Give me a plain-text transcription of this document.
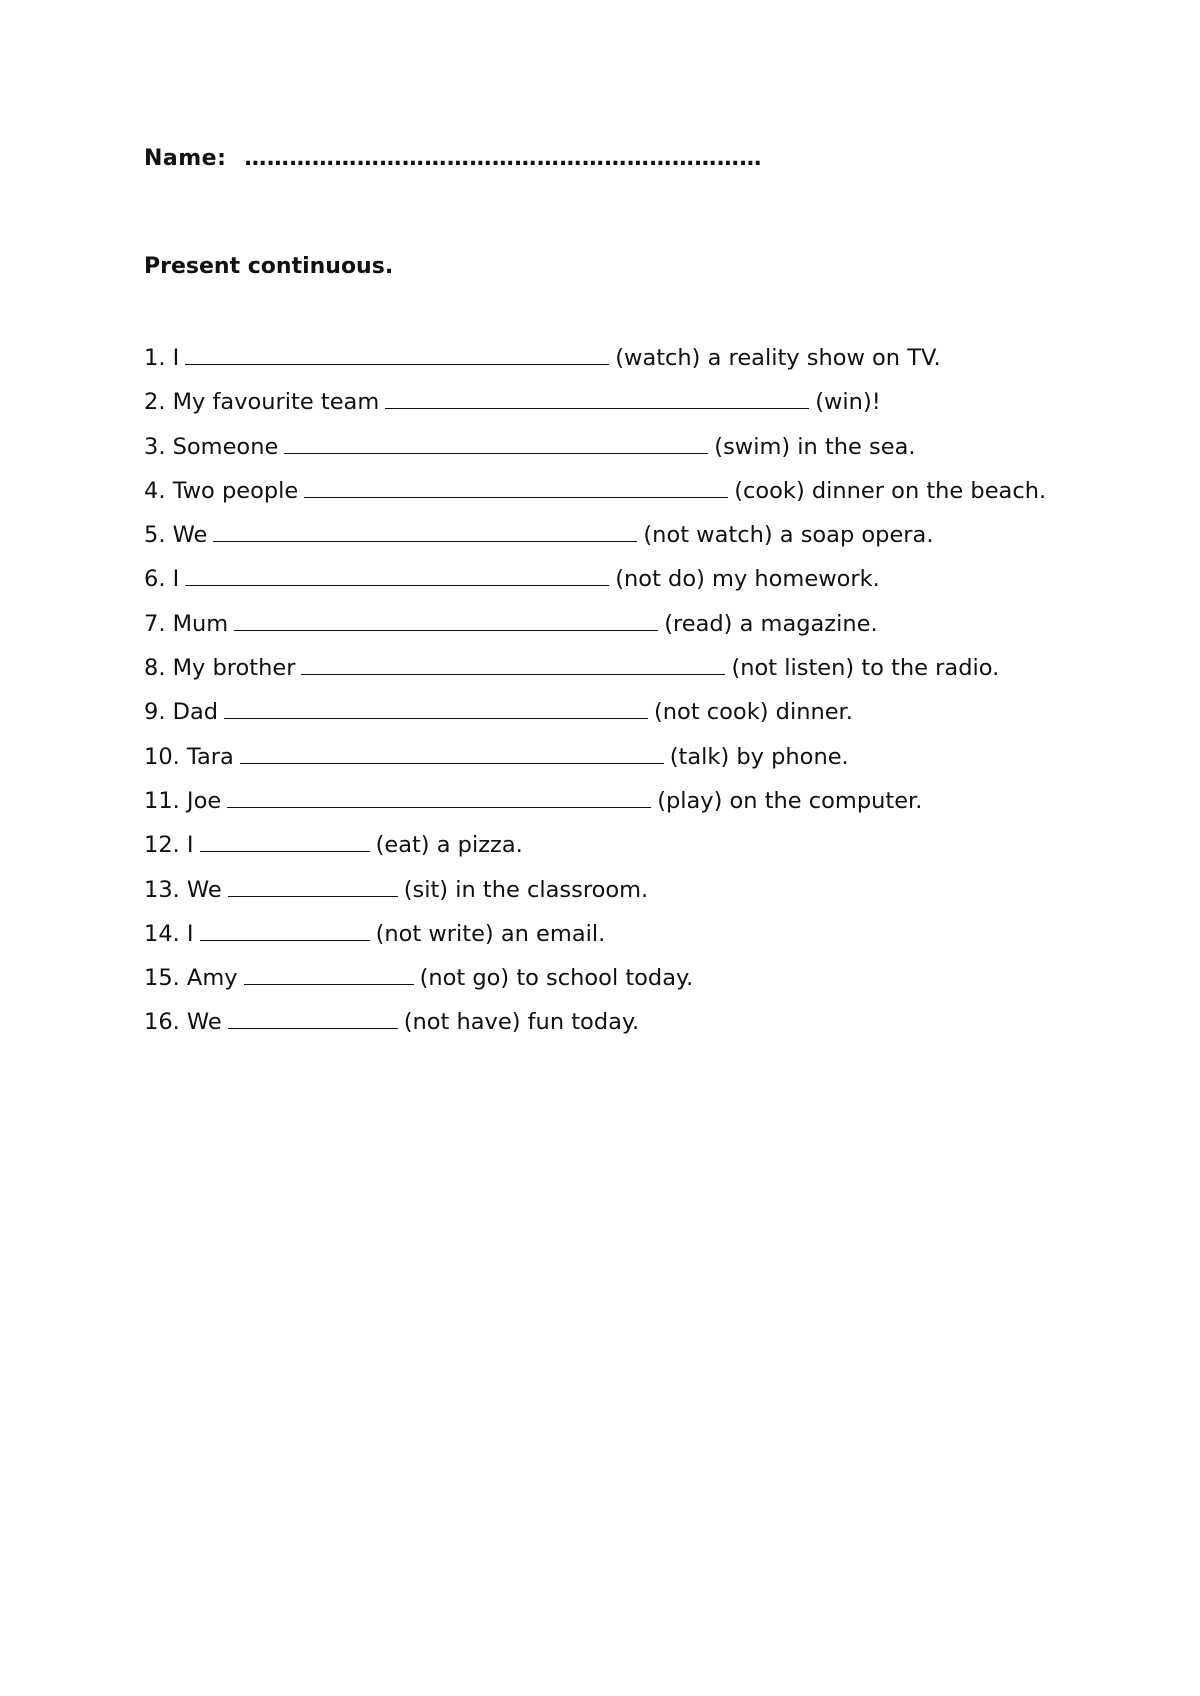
Name: ……………………………………………………………
Present continuous.
1. I	(watch) a reality show on TV.
2. My favourite team	(win)!
3. Someone	(swim) in the sea.
4. Two people	(cook) dinner on the beach.
5. We	(not watch) a soap opera.
6. I	(not do) my homework.
7. Mum	(read) a magazine.
8. My brother	(not listen) to the radio.
9. Dad	(not cook) dinner.
10. Tara	(talk) by phone.
11. Joe	(play) on the computer.
12. I	(eat) a pizza.
13. We	(sit) in the classroom.
14. I	(not write) an email.
15. Amy	(not go) to school today.
16. We	(not have) fun today.
